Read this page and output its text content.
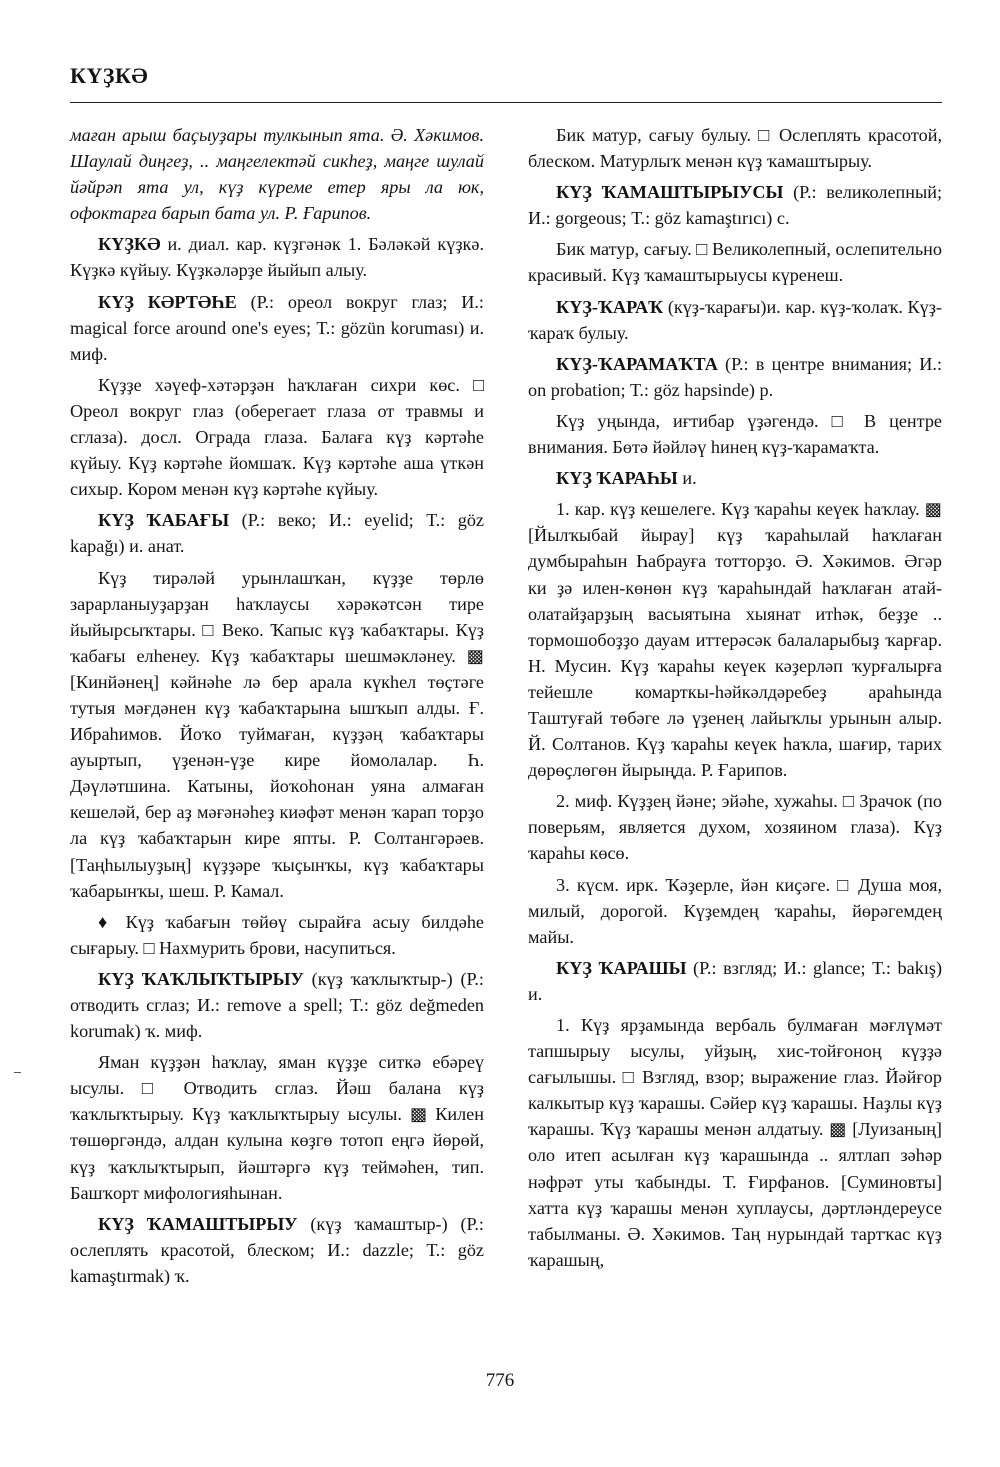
КҮҘКӘ

маған арыш баҫыуҙары тулкынып ята. Ә. Хәкимов. Шаулай диңгеҙ, .. маңгелектәй сикһеҙ, маңге шулай йәйрәп ята ул, күҙ күреме етер яры ла юк, офоктарға барып бата ул. Р. Ғарипов.

КҮҘКӘ и. диал. кар. күҙгәнәк 1. Бәләкәй күҙкә. Күҙкә күйыу. Күҙкәләрҙе йыйып алыу.

КҮҘ КӘРТӘҺЕ (Р.: ореол вокруг глаз; И.: magical force around one's eyes; Т.: gözün koruması) и. миф.

Күҙҙе хәүеф-хәтәрҙән һаҡлаған сихри көс. □ Ореол вокруг глаз (оберегает глаза от травмы и сглаза). досл. Ограда глаза. Балаға күҙ кәртәһе күйыу. Күҙ кәртәһе йомшаҡ. Күҙ кәртәһе аша үткән сихыр. Кором менән күҙ кәртәһе күйыу.

КҮҘ ҠАБАҒЫ (Р.: веко; И.: eyelid; Т.: göz kapağı) и. анат.

Күҙ тирәләй урынлашҡан, күҙҙе төрлө зарарланыуҙарҙан һаҡлаусы хәрәкәтсән тире йыйырсыҡтары. □ Веко. Ҡапыс күҙ ҡабаҡтары. Күҙ ҡабағы елһенеу. Күҙ ҡабаҡтары шешмәкләнеу. ▩ [Кинйәнең] кәйнәһе лә бер арала күкһел төҫтәге тутыя мәғдәнен күҙ ҡабаҡтарына ышҡып алды. Ғ. Ибраһимов. Йоҡо туймаған, күҙҙәң ҡабаҡтары ауыртып, үҙенән-үҙе кире йомолалар. Һ. Дәүләтшина. Катыны, йоҡоһонан уяна алмаған кешеләй, бер аҙ мәғәнәһеҙ киәфәт менән ҡарап торҙо ла күҙ ҡабаҡтарын кире япты. Р. Солтангәрәев. [Таңһылыуҙың] күҙҙәре ҡыҫынҡы, күҙ ҡабаҡтары ҡабарынҡы, шеш. Р. Камал.

♦ Күҙ ҡабағын төйөү сырайға асыу билдәһе сығарыу. □ Нахмурить брови, насупиться.

КҮҘ ҠАҠЛЫҠТЫРЫУ (күҙ ҡаҡлыҡтыр-) (Р.: отводить сглаз; И.: remove a spell; Т.: göz değmeden korumak) ҡ. миф.

Яман күҙҙән һаҡлау, яман күҙҙе ситкә ебәреү ысулы. □ Отводить сглаз. Йәш балана күҙ ҡаҡлыҡтырыу. Күҙ ҡаҡлыҡтырыу ысулы. ▩ Килен төшөргәндә, алдан кулына көҙгө тотоп еңгә йөрөй, күҙ ҡаҡлыҡтырып, йәштәргә күҙ теймәһен, тип. Башҡорт мифологияһынан.

КҮҘ ҠАМАШТЫРЫУ (күҙ ҡамаштыр-) (Р.: ослеплять красотой, блеском; И.: dazzle; Т.: göz kamaştırmak) ҡ.

Бик матур, сағыу булыу. □ Ослеплять красотой, блеском. Матурлыҡ менән күҙ ҡамаштырыу.

КҮҘ ҠАМАШТЫРЫУСЫ (Р.: великолепный; И.: gorgeous; Т.: göz kamaştırıcı) с.

Бик матур, сағыу. □ Великолепный, ослепительно красивый. Күҙ ҡамаштырыусы күренеш.

КҮҘ-ҠАРАҠ (күҙ-ҡарағы)и. кар. күҙ-ҡолаҡ. Күҙ-ҡараҡ булыу.

КҮҘ-ҠАРАМАҠТА (Р.: в центре внимания; И.: on probation; Т.: göz hapsinde) р.

Күҙ уңында, иғтибар үҙәгендә. □ В центре внимания. Бөтә йәйләү һинең күҙ-ҡарамаҡта.

КҮҘ ҠАРАҺЫ и.

1. кар. күҙ кешелеге. Күҙ ҡараһы кеүек һаҡлау. ▩ [Йылҡыбай йырау] күҙ ҡараһылай һаҡлаған думбыраһын Һабрауға тотторҙо. Ә. Хәкимов. Әгәр ки ҙә илен-көнөн күҙ ҡараһындай һаҡлаған атай-олатайҙарҙың васыятына хыянат итһәк, беҙҙе .. тормошобоҙҙо дауам иттерәсәк балаларыбыҙ ҡарғар. Н. Мусин. Күҙ ҡараһы кеүек кәҙерләп ҡурғалырға тейешле комарткы-һәйкәлдәребеҙ араһында Таштуғай төбәге лә үҙенең лайыҡлы урынын алыр. Й. Солтанов. Күҙ ҡараһы кеүек һаҡла, шағир, тарих дөрөҫлөгөн йырыңда. Р. Ғарипов.

2. миф. Күҙҙең йәне; эйәһе, хужаһы. □ Зрачок (по поверьям, является духом, хозяином глаза). Күҙ ҡараһы көсө.

3. күсм. ирк. Ҡәҙерле, йән киҫәге. □ Душа моя, милый, дорогой. Күҙемдең ҡараһы, йөрәгемдең майы.

КҮҘ ҠАРАШЫ (Р.: взгляд; И.: glance; Т.: bakış) и.

1. Күҙ ярҙамында вербаль булмаған мәғлүмәт тапшырыу ысулы, уйҙың, хис-тойғоноң күҙҙә сағылышы. □ Взгляд, взор; выражение глаз. Йәйғор калкытыр күҙ ҡарашы. Сәйер күҙ ҡарашы. Наҙлы күҙ ҡарашы. Ҡүҙ ҡарашы менән алдатыу. ▩ [Луизаның] оло итеп асылған күҙ ҡарашында .. ялтлап зәһәр нәфрәт уты ҡабынды. Т. Ғирфанов. [Суминовты] хатта күҙ ҡарашы менән хуплаусы, дәртләндереусе табылманы. Ә. Хәкимов. Таң нурындай тартҡас күҙ ҡарашың,

776
